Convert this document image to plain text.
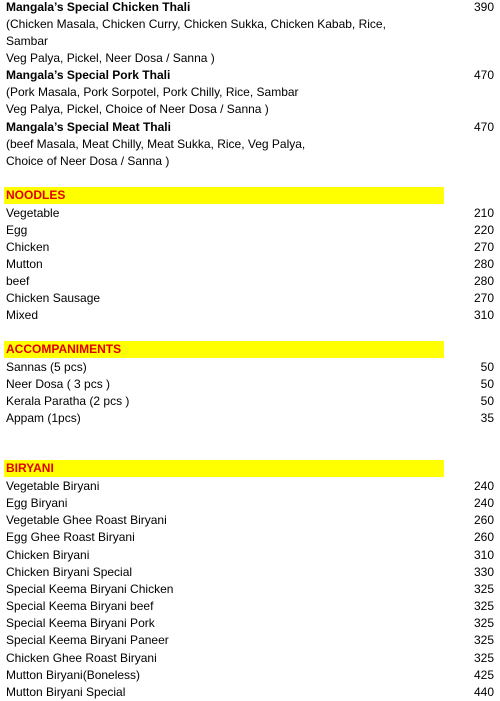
Mangala’s Special Chicken Thali	390
(Chicken Masala, Chicken Curry, Chicken Sukka, Chicken Kabab, Rice,
Sambar
Veg Palya, Pickel, Neer Dosa / Sanna )
Mangala’s Special Pork Thali	470
(Pork Masala, Pork Sorpotel, Pork Chilly, Rice, Sambar
Veg Palya, Pickel, Choice of Neer Dosa / Sanna )
Mangala’s Special Meat Thali	470
(beef Masala, Meat Chilly, Meat Sukka, Rice, Veg Palya,
Choice of Neer Dosa / Sanna )
NOODLES
Vegetable	210
Egg	220
Chicken	270
Mutton	280
beef	280
Chicken Sausage	270
Mixed	310
ACCOMPANIMENTS
Sannas (5 pcs)	50
Neer Dosa ( 3 pcs )	50
Kerala Paratha (2 pcs )	50
Appam (1pcs)	35
BIRYANI
Vegetable Biryani	240
Egg Biryani	240
Vegetable Ghee Roast Biryani	260
Egg Ghee Roast Biryani	260
Chicken Biryani	310
Chicken Biryani Special	330
Special Keema Biryani Chicken	325
Special Keema Biryani beef	325
Special Keema Biryani Pork	325
Special Keema Biryani Paneer	325
Chicken Ghee Roast Biryani	325
Mutton Biryani(Boneless)	425
Mutton Biryani Special	440
